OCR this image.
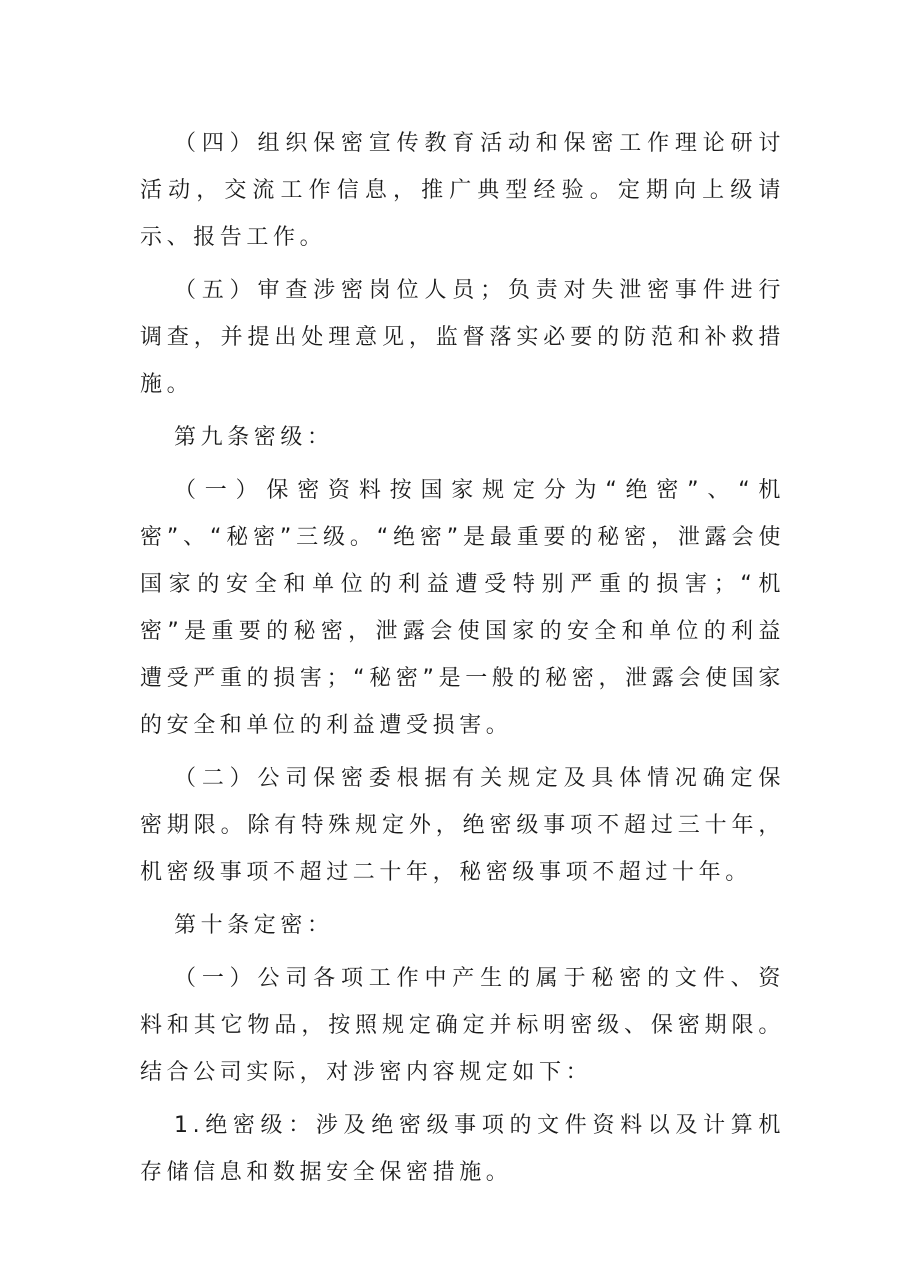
（四）组织保密宣传教育活动和保密工作理论研讨活动，交流工作信息，推广典型经验。定期向上级请示、报告工作。

（五）审查涉密岗位人员；负责对失泄密事件进行调查，并提出处理意见，监督落实必要的防范和补救措施。

第九条密级：

（一）保密资料按国家规定分为“绝密”、“机密”、“秘密”三级。“绝密”是最重要的秘密，泄露会使国家的安全和单位的利益遭受特别严重的损害；“机密”是重要的秘密，泄露会使国家的安全和单位的利益遭受严重的损害；“秘密”是一般的秘密，泄露会使国家的安全和单位的利益遭受损害。

（二）公司保密委根据有关规定及具体情况确定保密期限。除有特殊规定外，绝密级事项不超过三十年，机密级事项不超过二十年，秘密级事项不超过十年。

第十条定密：

（一）公司各项工作中产生的属于秘密的文件、资料和其它物品，按照规定确定并标明密级、保密期限。结合公司实际，对涉密内容规定如下：

1.绝密级：涉及绝密级事项的文件资料以及计算机存储信息和数据安全保密措施。
